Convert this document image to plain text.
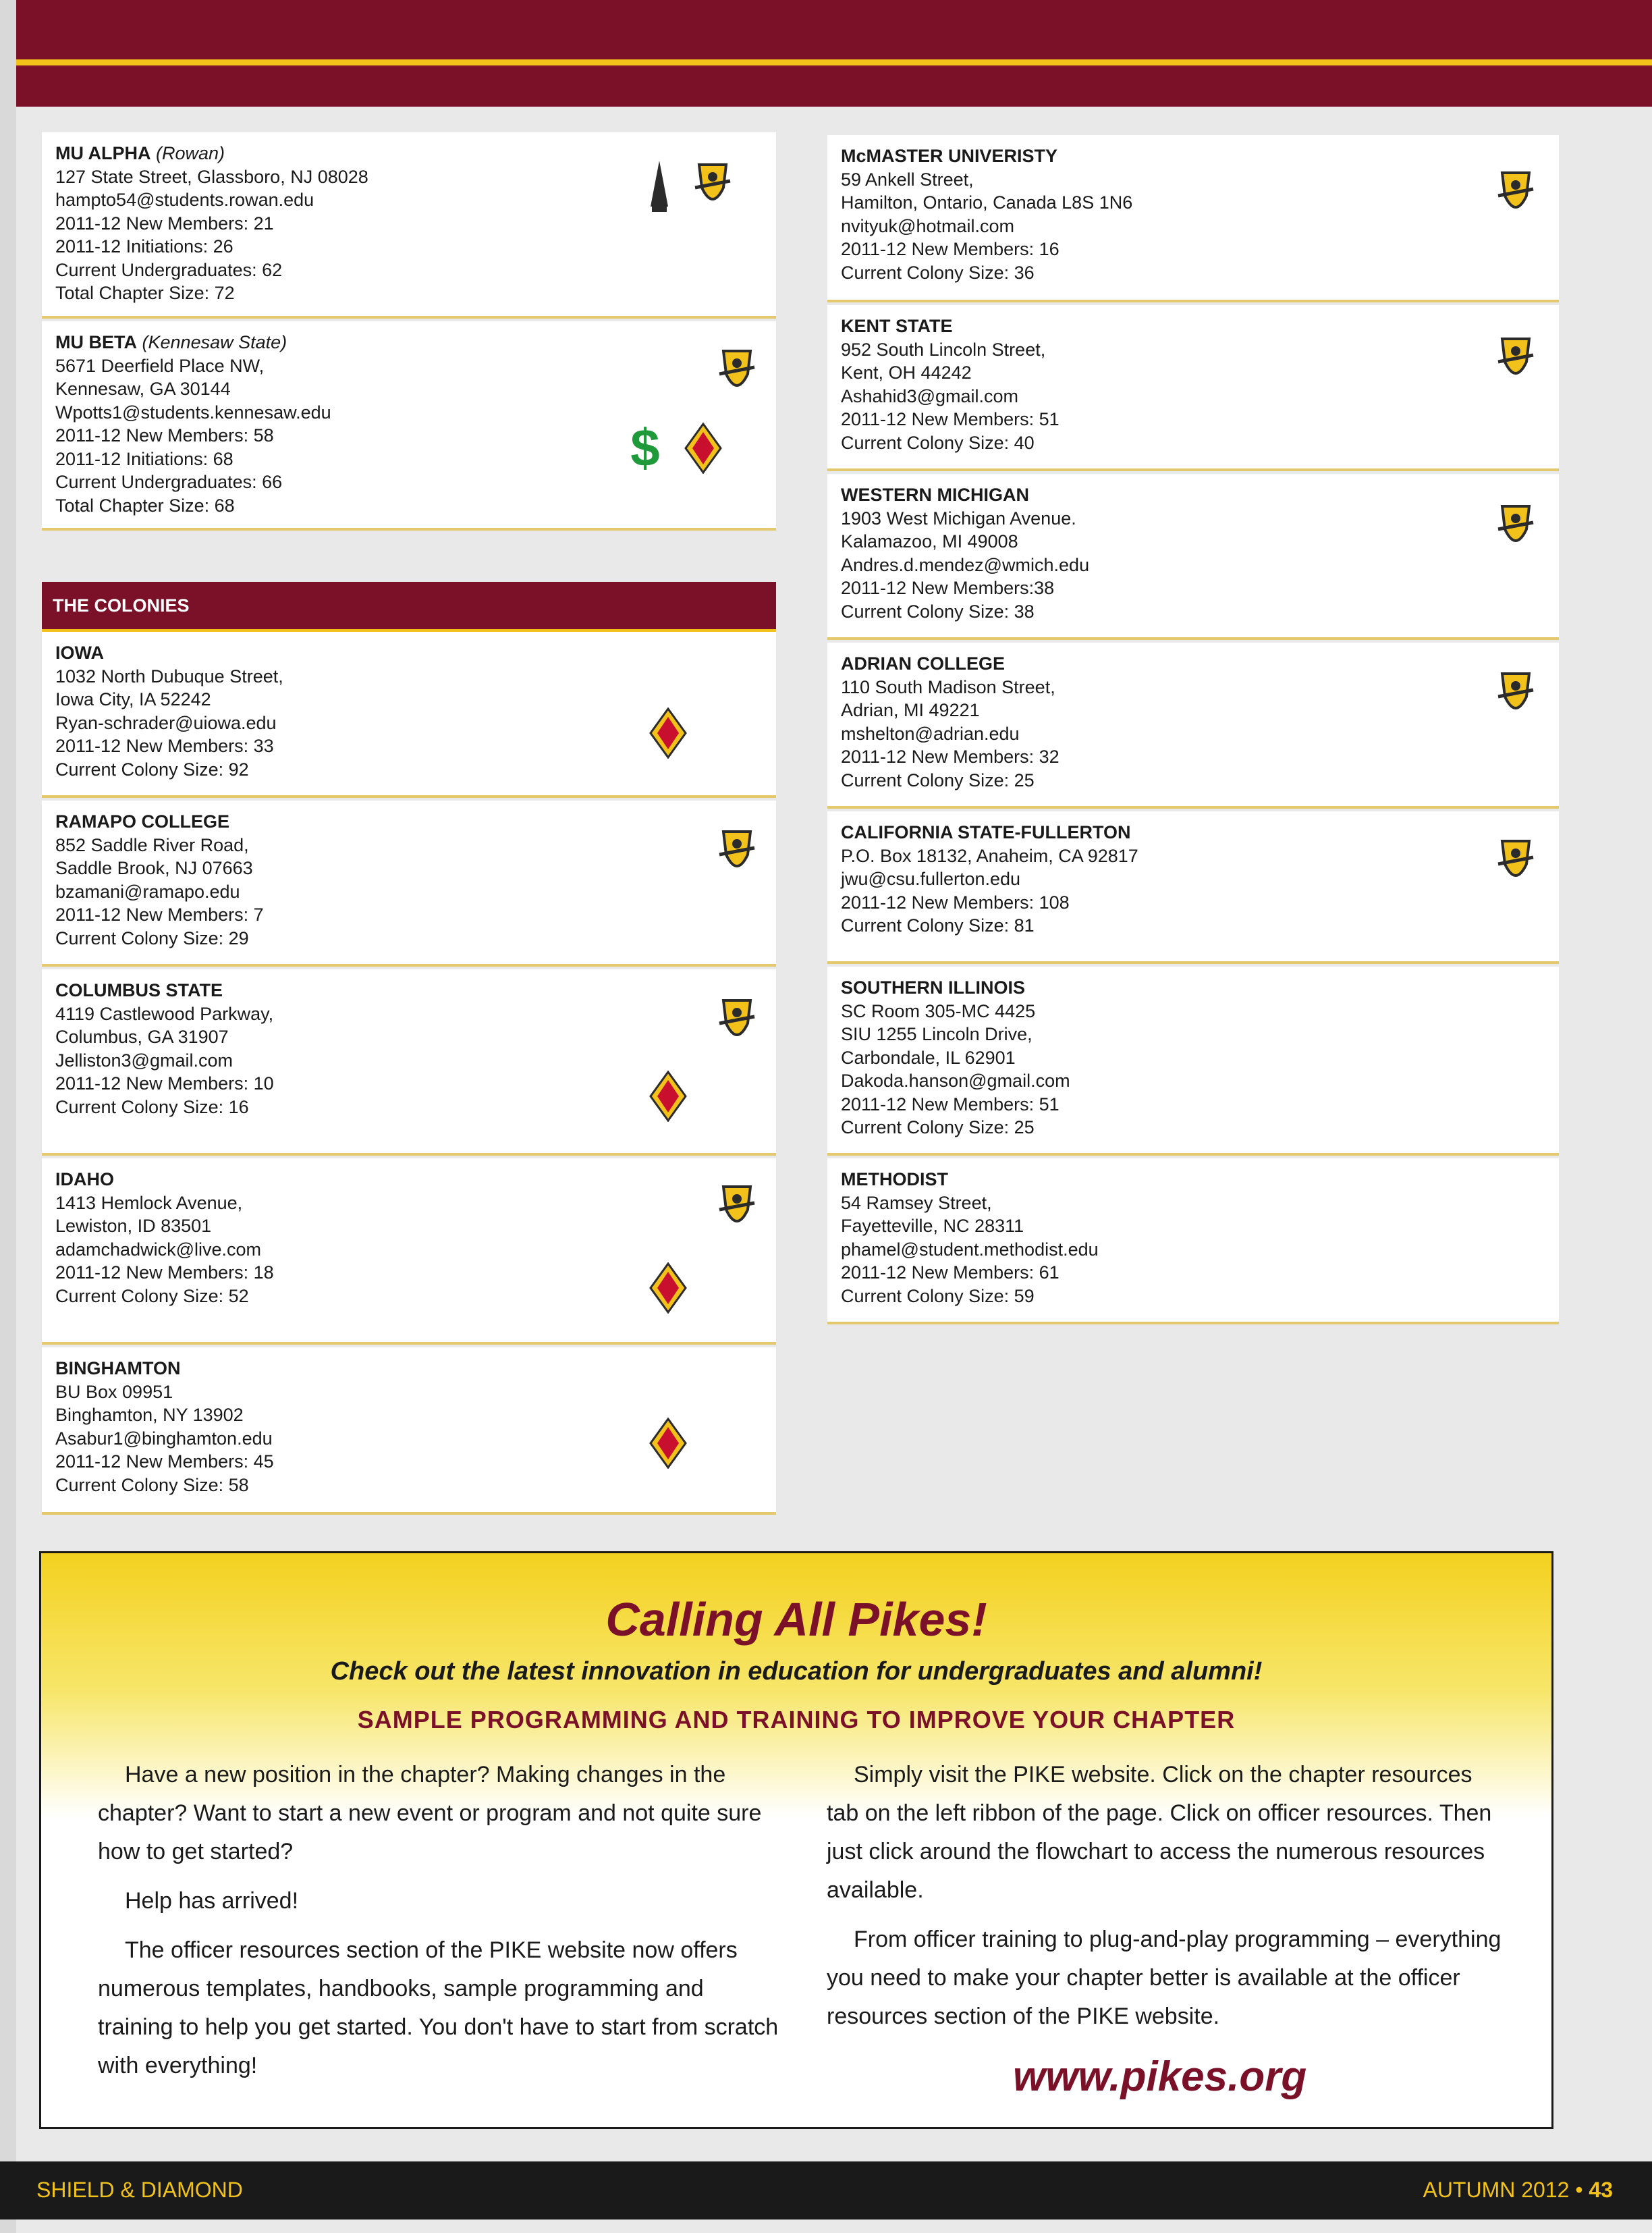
MU ALPHA (Rowan)
127 State Street, Glassboro, NJ 08028
hampto54@students.rowan.edu
2011-12 New Members: 21
2011-12 Initiations: 26
Current Undergraduates: 62
Total Chapter Size: 72
MU BETA (Kennesaw State)
5671 Deerfield Place NW,
Kennesaw, GA 30144
Wpotts1@students.kennesaw.edu
2011-12 New Members: 58
2011-12 Initiations: 68
Current Undergraduates: 66
Total Chapter Size: 68
$
THE COLONIES
IOWA
1032 North Dubuque Street,
Iowa City, IA 52242
Ryan-schrader@uiowa.edu
2011-12 New Members: 33
Current Colony Size: 92
RAMAPO COLLEGE
852 Saddle River Road,
Saddle Brook, NJ 07663
bzamani@ramapo.edu
2011-12 New Members: 7
Current Colony Size: 29
COLUMBUS STATE
4119 Castlewood Parkway,
Columbus, GA 31907
Jelliston3@gmail.com
2011-12 New Members: 10
Current Colony Size: 16
IDAHO
1413 Hemlock Avenue,
Lewiston, ID 83501
adamchadwick@live.com
2011-12 New Members: 18
Current Colony Size: 52
BINGHAMTON
BU Box 09951
Binghamton, NY 13902
Asabur1@binghamton.edu
2011-12 New Members: 45
Current Colony Size: 58
McMASTER UNIVERISTY
59 Ankell Street,
Hamilton, Ontario, Canada L8S 1N6
nvityuk@hotmail.com
2011-12 New Members: 16
Current Colony Size: 36
KENT STATE
952 South Lincoln Street,
Kent, OH 44242
Ashahid3@gmail.com
2011-12 New Members: 51
Current Colony Size: 40
WESTERN MICHIGAN
1903 West Michigan Avenue.
Kalamazoo, MI 49008
Andres.d.mendez@wmich.edu
2011-12 New Members:38
Current Colony Size: 38
ADRIAN COLLEGE
110 South Madison Street,
Adrian, MI 49221
mshelton@adrian.edu
2011-12 New Members: 32
Current Colony Size: 25
CALIFORNIA STATE-FULLERTON
P.O. Box 18132, Anaheim, CA 92817
jwu@csu.fullerton.edu
2011-12 New Members: 108
Current Colony Size: 81
SOUTHERN ILLINOIS
SC Room 305-MC 4425
SIU 1255 Lincoln Drive,
Carbondale, IL 62901
Dakoda.hanson@gmail.com
2011-12 New Members: 51
Current Colony Size: 25
METHODIST
54 Ramsey Street,
Fayetteville, NC 28311
phamel@student.methodist.edu
2011-12 New Members: 61
Current Colony Size: 59
Calling All Pikes!
Check out the latest innovation in education for undergraduates and alumni!
SAMPLE PROGRAMMING AND TRAINING TO IMPROVE YOUR CHAPTER

Have a new position in the chapter? Making changes in the chapter? Want to start a new event or program and not quite sure how to get started?

Help has arrived!

The officer resources section of the PIKE website now offers numerous templates, handbooks, sample programming and training to help you get started. You don't have to start from scratch with everything!

Simply visit the PIKE website. Click on the chapter resources tab on the left ribbon of the page. Click on officer resources. Then just click around the flowchart to access the numerous resources available.

From officer training to plug-and-play programming – everything you need to make your chapter better is available at the officer resources section of the PIKE website.

www.pikes.org
SHIELD & DIAMOND	AUTUMN 2012 • 43
